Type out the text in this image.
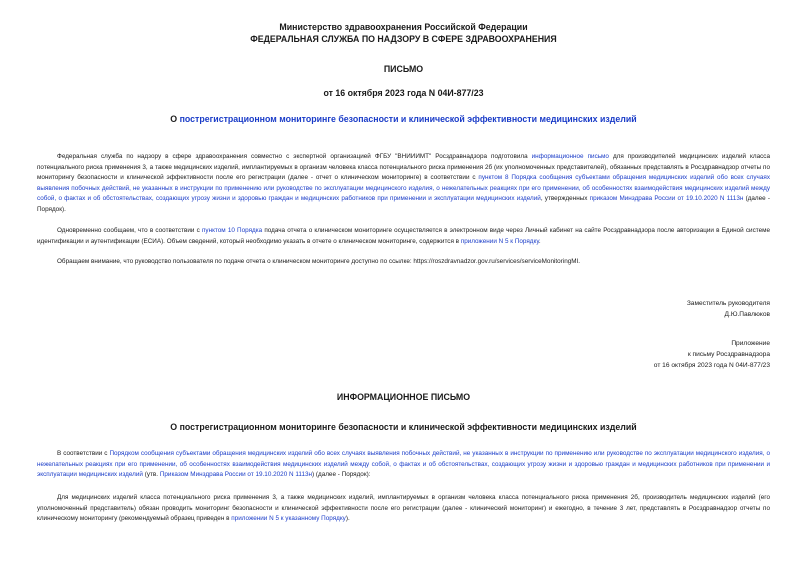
Министерство здравоохранения Российской Федерации
ФЕДЕРАЛЬНАЯ СЛУЖБА ПО НАДЗОРУ В СФЕРЕ ЗДРАВООХРАНЕНИЯ
ПИСЬМО
от 16 октября 2023 года N 04И-877/23
О пострегистрационном мониторинге безопасности и клинической эффективности медицинских изделий
Федеральная служба по надзору в сфере здравоохранения совместно с экспертной организацией ФГБУ "ВНИИИМТ" Росздравнадзора подготовила информационное письмо для производителей медицинских изделий класса потенциального риска применения 3, а также медицинских изделий, имплантируемых в организм человека класса потенциального риска применения 2б (их уполномоченных представителей), обязанных представлять в Росздравнадзор отчеты по мониторингу безопасности и клинической эффективности после его регистрации (далее - отчет о клиническом мониторинге) в соответствии с пунктом 8 Порядка сообщения субъектами обращения медицинских изделий обо всех случаях выявления побочных действий, не указанных в инструкции по применению или руководстве по эксплуатации медицинского изделия, о нежелательных реакциях при его применении, об особенностях взаимодействия медицинских изделий между собой, о фактах и об обстоятельствах, создающих угрозу жизни и здоровью граждан и медицинских работников при применении и эксплуатации медицинских изделий, утвержденных приказом Минздрава России от 19.10.2020 N 1113н (далее - Порядок).
Одновременно сообщаем, что в соответствии с пунктом 10 Порядка подача отчета о клиническом мониторинге осуществляется в электронном виде через Личный кабинет на сайте Росздравнадзора после авторизации в Единой системе идентификации и аутентификации (ЕСИА). Объем сведений, который необходимо указать в отчете о клиническом мониторинге, содержится в приложении N 5 к Порядку.
Обращаем внимание, что руководство пользователя по подаче отчета о клиническом мониторинге доступно по ссылке: https://roszdravnadzor.gov.ru/services/serviceMonitoringMI.
Заместитель руководителя
Д.Ю.Павлюков
Приложение
к письму Росздравнадзора
от 16 октября 2023 года N 04И-877/23
ИНФОРМАЦИОННОЕ ПИСЬМО
О пострегистрационном мониторинге безопасности и клинической эффективности медицинских изделий
В соответствии с Порядком сообщения субъектами обращения медицинских изделий обо всех случаях выявления побочных действий, не указанных в инструкции по применению или руководстве по эксплуатации медицинского изделия, о нежелательных реакциях при его применении, об особенностях взаимодействия медицинских изделий между собой, о фактах и об обстоятельствах, создающих угрозу жизни и здоровью граждан и медицинских работников при применении и эксплуатации медицинских изделий (утв. Приказом Минздрава России от 19.10.2020 N 1113н) (далее - Порядок):
Для медицинских изделий класса потенциального риска применения 3, а также медицинских изделий, имплантируемых в организм человека класса потенциального риска применения 2б, производитель медицинских изделий (его уполномоченный представитель) обязан проводить мониторинг безопасности и клинической эффективности после его регистрации (далее - клинический мониторинг) и ежегодно, в течение 3 лет, представлять в Росздравнадзор отчеты по клиническому мониторингу (рекомендуемый образец приведен в приложении N 5 к указанному Порядку).
